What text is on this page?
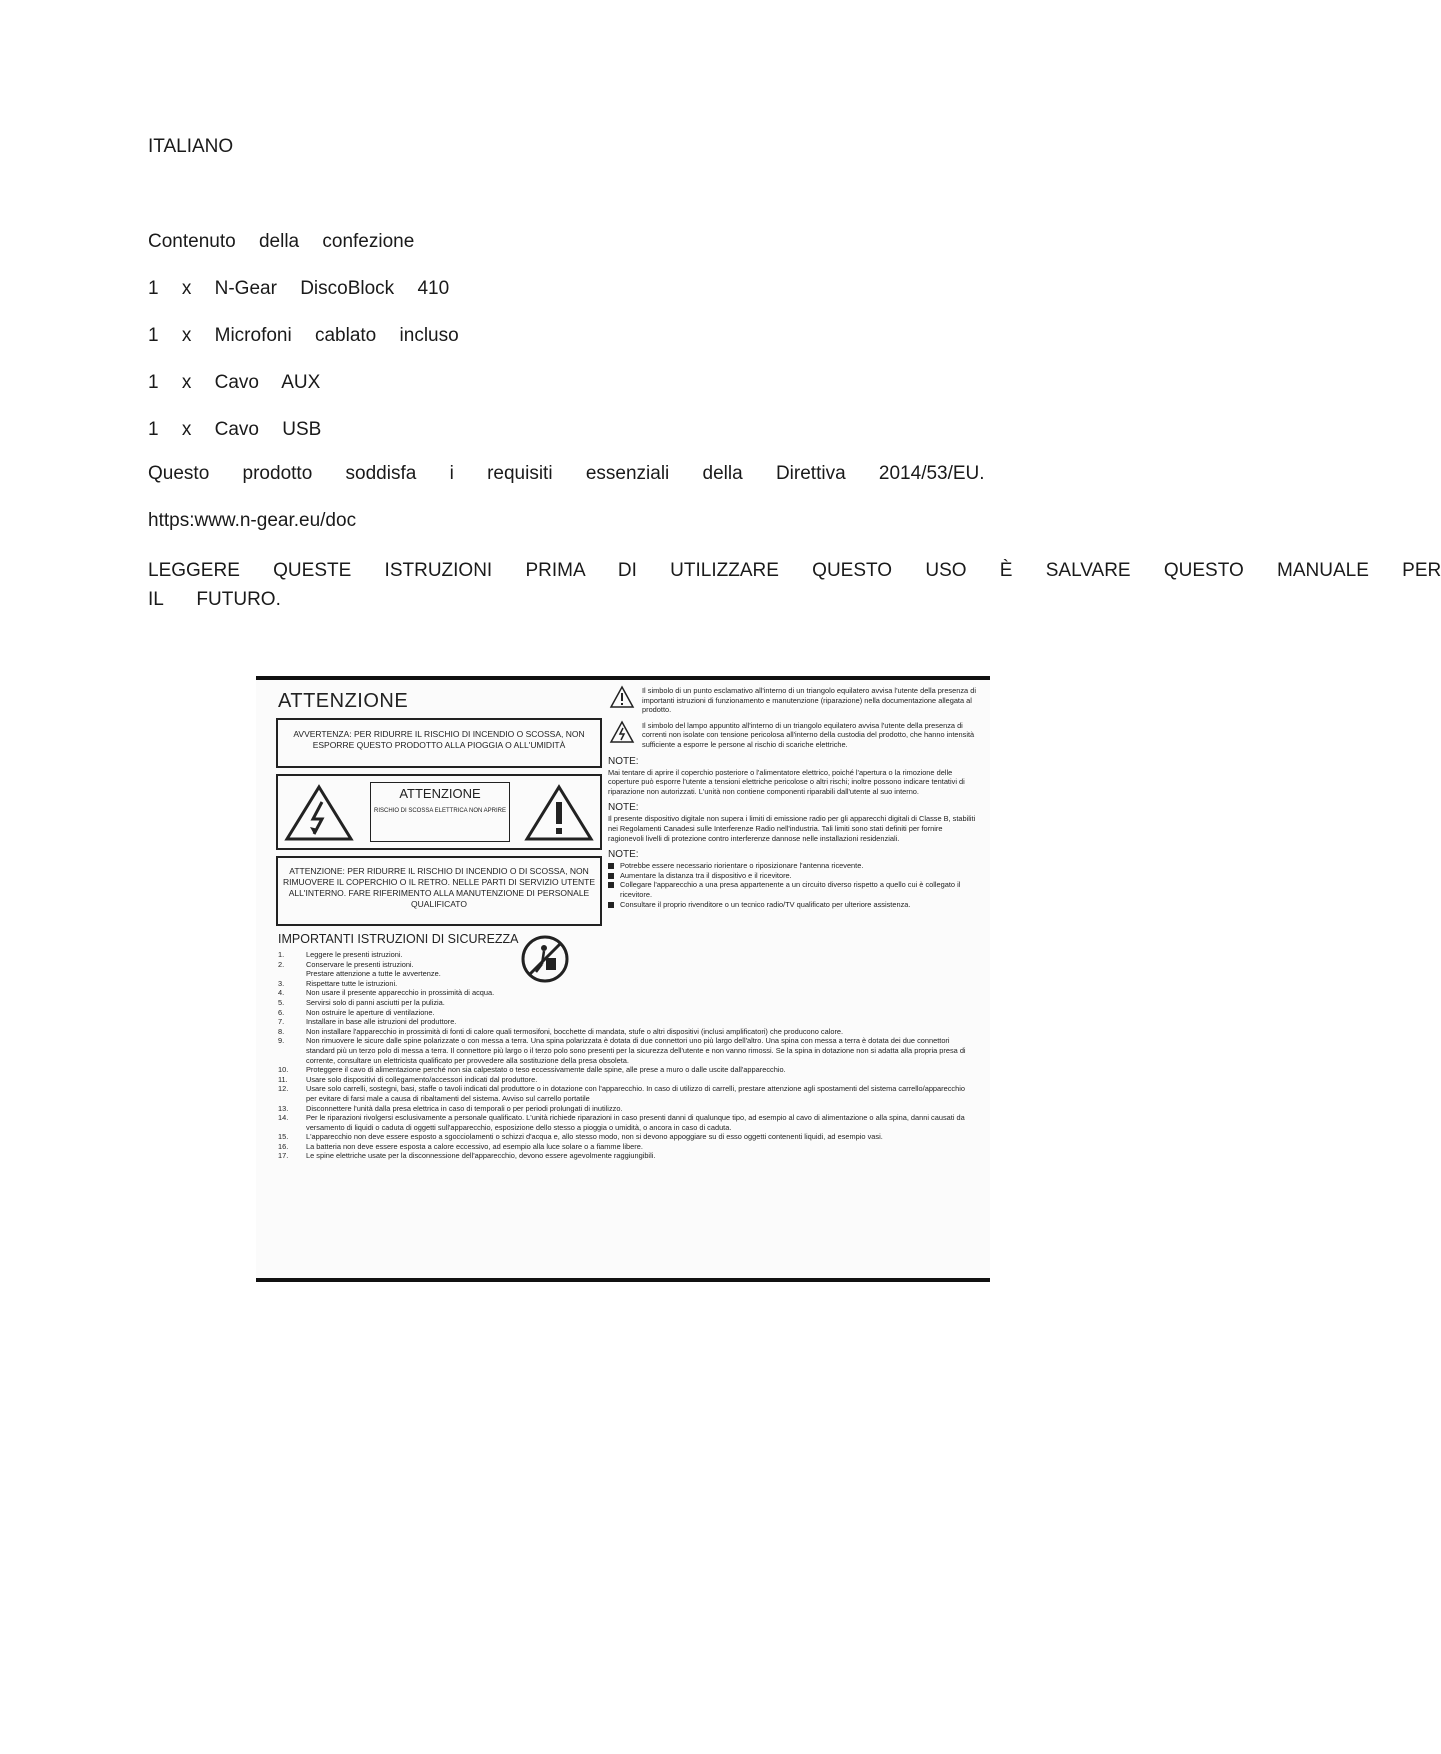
ITALIANO
Contenuto della confezione
1 x N-Gear DiscoBlock 410
1 x Microfoni cablato incluso
1 x Cavo AUX
1 x Cavo USB
Questo prodotto soddisfa i requisiti essenziali della Direttiva 2014/53/EU.
https:www.n-gear.eu/doc
LEGGERE QUESTE ISTRUZIONI PRIMA DI UTILIZZARE QUESTO USO È SALVARE QUESTO MANUALE PER
IL FUTURO.
ATTENZIONE
AVVERTENZA: PER RIDURRE IL RISCHIO DI INCENDIO O SCOSSA, NON ESPORRE QUESTO PRODOTTO ALLA PIOGGIA O ALL'UMIDITÀ
ATTENZIONE
RISCHIO DI SCOSSA ELETTRICA NON APRIRE
ATTENZIONE: PER RIDURRE IL RISCHIO DI INCENDIO O DI SCOSSA, NON RIMUOVERE IL COPERCHIO O IL RETRO. NELLE PARTI DI SERVIZIO UTENTE ALL'INTERNO. FARE RIFERIMENTO ALLA MANUTENZIONE DI PERSONALE QUALIFICATO
IMPORTANTI ISTRUZIONI DI SICUREZZA
1.	Leggere le presenti istruzioni.
2.	Conservare le presenti istruzioni.
Prestare attenzione a tutte le avvertenze.
3.	Rispettare tutte le istruzioni.
4.	Non usare il presente apparecchio in prossimità di acqua.
5.	Servirsi solo di panni asciutti per la pulizia.
6.	Non ostruire le aperture di ventilazione.
7.	Installare in base alle istruzioni del produttore.
8.	Non installare l'apparecchio in prossimità di fonti di calore quali termosifoni, bocchette di mandata, stufe o altri dispositivi (inclusi amplificatori) che producono calore.
9.	Non rimuovere le sicure dalle spine polarizzate o con messa a terra. Una spina polarizzata è dotata di due connettori uno più largo dell'altro. Una spina con messa a terra è dotata dei due connettori standard più un terzo polo di messa a terra. Il connettore più largo o il terzo polo sono presenti per la sicurezza dell'utente e non vanno rimossi. Se la spina in dotazione non si adatta alla propria presa di corrente, consultare un elettricista qualificato per provvedere alla sostituzione della presa obsoleta.
10. Proteggere il cavo di alimentazione perché non sia calpestato o teso eccessivamente dalle spine, alle prese a muro o dalle uscite dall'apparecchio.
11. Usare solo dispositivi di collegamento/accessori indicati dal produttore.
12. Usare solo carrelli, sostegni, basi, staffe o tavoli indicati dal produttore o in dotazione con l'apparecchio. In caso di utilizzo di carrelli, prestare attenzione agli spostamenti del sistema carrello/apparecchio per evitare di farsi male a causa di ribaltamenti del sistema. Avviso sul carrello portatile
13. Disconnettere l'unità dalla presa elettrica in caso di temporali o per periodi prolungati di inutilizzo.
14. Per le riparazioni rivolgersi esclusivamente a personale qualificato. L'unità richiede riparazioni in caso presenti danni di qualunque tipo, ad esempio al cavo di alimentazione o alla spina, danni causati da versamento di liquidi o caduta di oggetti sull'apparecchio, esposizione dello stesso a pioggia o umidità, o ancora in caso di caduta.
15. L'apparecchio non deve essere esposto a sgocciolamenti o schizzi d'acqua e, allo stesso modo, non si devono appoggiare su di esso oggetti contenenti liquidi, ad esempio vasi.
16. La batteria non deve essere esposta a calore eccessivo, ad esempio alla luce solare o a fiamme libere.
17. Le spine elettriche usate per la disconnessione dell'apparecchio, devono essere agevolmente raggiungibili.
Il simbolo di un punto esclamativo all'interno di un triangolo equilatero avvisa l'utente della presenza di importanti istruzioni di funzionamento e manutenzione (riparazione) nella documentazione allegata al prodotto.
Il simbolo del lampo appuntito all'interno di un triangolo equilatero avvisa l'utente della presenza di correnti non isolate con tensione pericolosa all'interno della custodia del prodotto, che hanno intensità sufficiente a esporre le persone al rischio di scariche elettriche.
NOTE:
Mai tentare di aprire il coperchio posteriore o l'alimentatore elettrico, poiché l'apertura o la rimozione delle coperture può esporre l'utente a tensioni elettriche pericolose o altri rischi; inoltre possono indicare tentativi di riparazione non autorizzati. L'unità non contiene componenti riparabili dall'utente al suo interno.
NOTE:
Il presente dispositivo digitale non supera i limiti di emissione radio per gli apparecchi digitali di Classe B, stabiliti nei Regolamenti Canadesi sulle Interferenze Radio nell'industria. Tali limiti sono stati definiti per fornire ragionevoli livelli di protezione contro interferenze dannose nelle installazioni residenziali.
NOTE:
Potrebbe essere necessario riorientare o riposizionare l'antenna ricevente.
Aumentare la distanza tra il dispositivo e il ricevitore.
Collegare l'apparecchio a una presa appartenente a un circuito diverso rispetto a quello cui è collegato il ricevitore.
Consultare il proprio rivenditore o un tecnico radio/TV qualificato per ulteriore assistenza.
